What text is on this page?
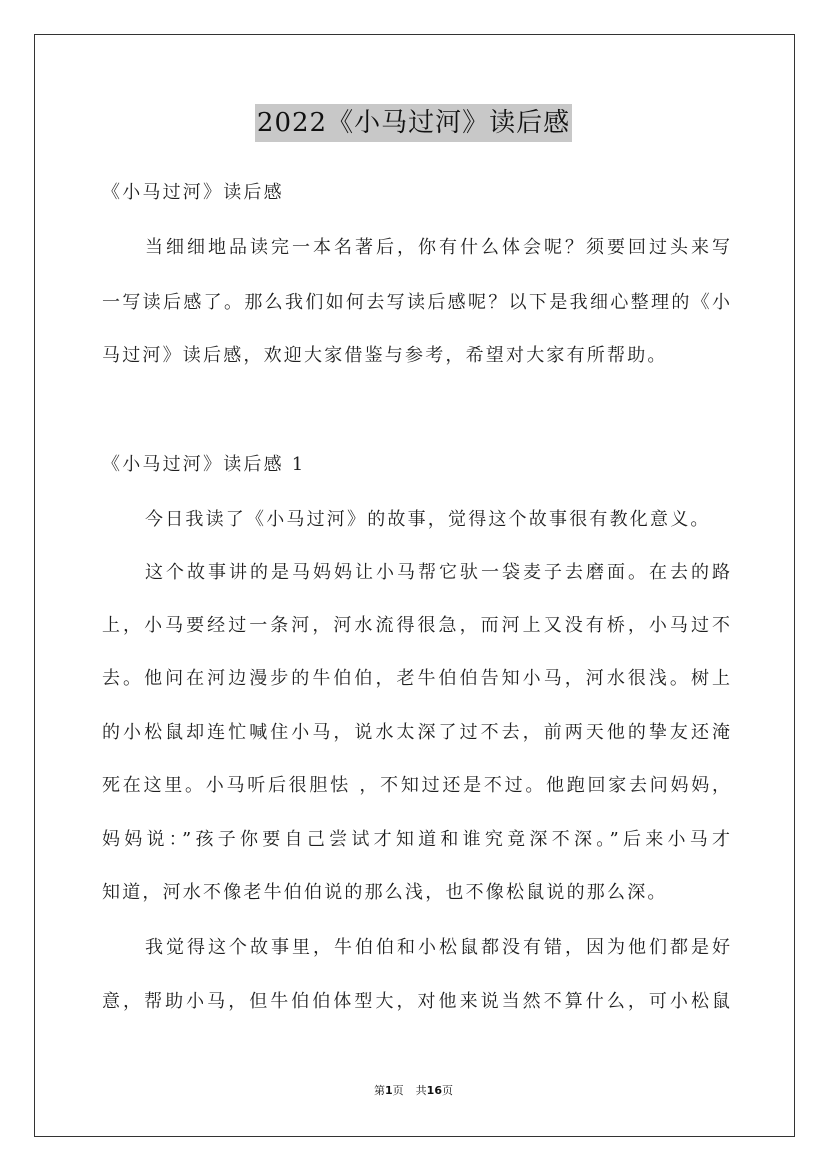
2022《小马过河》读后感
《小马过河》读后感
当细细地品读完一本名著后，你有什么体会呢？须要回过头来写
一写读后感了。那么我们如何去写读后感呢？以下是我细心整理的《小
马过河》读后感，欢迎大家借鉴与参考，希望对大家有所帮助。
《小马过河》读后感 1
今日我读了《小马过河》的故事，觉得这个故事很有教化意义。
这个故事讲的是马妈妈让小马帮它驮一袋麦子去磨面。在去的路
上，小马要经过一条河，河水流得很急，而河上又没有桥，小马过不
去。他问在河边漫步的牛伯伯，老牛伯伯告知小马，河水很浅。树上
的小松鼠却连忙喊住小马，说水太深了过不去，前两天他的挚友还淹
死在这里。小马听后很胆怯 ，不知过还是不过。他跑回家去问妈妈，
妈妈说：”孩子你要自己尝试才知道和谁究竟深不深。”后来小马才
知道，河水不像老牛伯伯说的那么浅，也不像松鼠说的那么深。
我觉得这个故事里，牛伯伯和小松鼠都没有错，因为他们都是好
意，帮助小马，但牛伯伯体型大，对他来说当然不算什么，可小松鼠
第1页 共16页
